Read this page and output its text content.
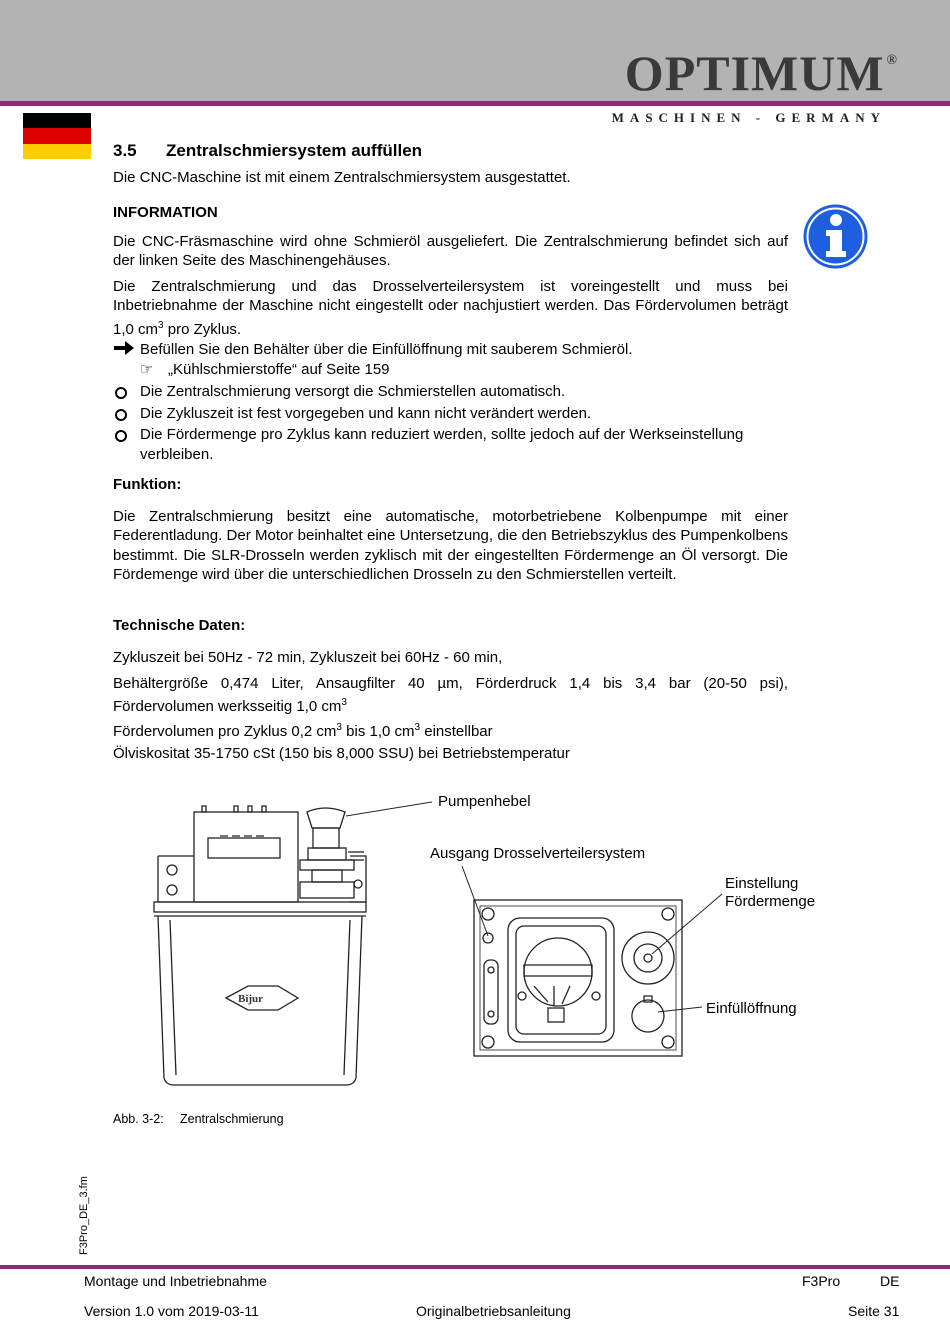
OPTIMUM ®
MASCHINEN - GERMANY
3.5 Zentralschmiersystem auffüllen

Die CNC-Maschine ist mit einem Zentralschmiersystem ausgestattet.

INFORMATION

Die CNC-Fräsmaschine wird ohne Schmieröl ausgeliefert. Die Zentralschmierung befindet sich auf der linken Seite des Maschinengehäuses.

Die Zentralschmierung und das Drosselverteilersystem ist voreingestellt und muss bei Inbetriebnahme der Maschine nicht eingestellt oder nachjustiert werden. Das Fördervolumen beträgt 1,0 $cm^3$ pro Zyklus.

Befüllen Sie den Behälter über die Einfüllöffnung mit sauberem Schmieröl.
☞ „Kühlschmierstoffe“ auf Seite 159
Die Zentralschmierung versorgt die Schmierstellen automatisch.
Die Zykluszeit ist fest vorgegeben und kann nicht verändert werden.
Die Fördermenge pro Zyklus kann reduziert werden, sollte jedoch auf der Werkseinstellung verbleiben.

Funktion:

Die Zentralschmierung besitzt eine automatische, motorbetriebene Kolbenpumpe mit einer Federentladung. Der Motor beinhaltet eine Untersetzung, die den Betriebszyklus des Pumpenkolbens bestimmt. Die SLR-Drosseln werden zyklisch mit der eingestellten Fördermenge an Öl versorgt. Die Fördemenge wird über die unterschiedlichen Drosseln zu den Schmierstellen verteilt.

Technische Daten:

Zykluszeit bei 50Hz - 72 min, Zykluszeit bei 60Hz - 60 min,

Behältergröße 0,474 Liter, Ansaugfilter 40 µm, Förderdruck 1,4 bis 3,4 bar (20-50 psi), Fördervolumen werksseitig 1,0 $cm^3$

Fördervolumen pro Zyklus 0,2 $cm^3$ bis 1,0 $cm^3$ einstellbar

Ölviskositat 35-1750 cSt (150 bis 8,000 SSU) bei Betriebstemperatur

Bijur
Pumpenhebel
Ausgang Drosselverteilersystem
Einstellung
Fördermenge
Einfüllöffnung
Abb. 3-2: Zentralschmierung
F3Pro_DE_3.fm
Montage und Inbetriebnahme	F3Pro	DE
Version 1.0 vom 2019-03-11	Originalbetriebsanleitung	Seite 31
